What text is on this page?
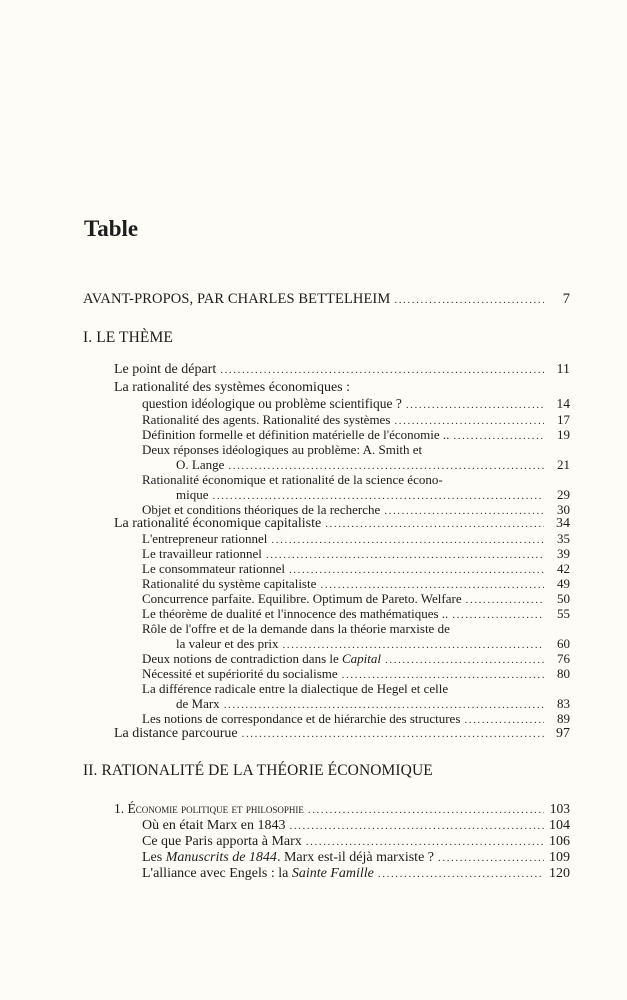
Table
AVANT-PROPOS, PAR CHARLES BETTELHEIM .....	7
I. LE THÈME
Le point de départ .....	11
La rationalité des systèmes économiques :
question idéologique ou problème scientifique ? .....	14
Rationalité des agents. Rationalité des systèmes .....	17
Définition formelle et définition matérielle de l'économie .. .....	19
Deux réponses idéologiques au problème: A. Smith et
O. Lange .....	21
Rationalité économique et rationalité de la science écono-
mique .....	29
Objet et conditions théoriques de la recherche .....	30
La rationalité économique capitaliste .....	34
L'entrepreneur rationnel .....	35
Le travailleur rationnel .....	39
Le consommateur rationnel .....	42
Rationalité du système capitaliste .....	49
Concurrence parfaite. Equilibre. Optimum de Pareto. Welfare .....	50
Le théorème de dualité et l'innocence des mathématiques .. .....	55
Rôle de l'offre et de la demande dans la théorie marxiste de
la valeur et des prix .....	60
Deux notions de contradiction dans le Capital .....	76
Nécessité et supériorité du socialisme .....	80
La différence radicale entre la dialectique de Hegel et celle
de Marx .....	83
Les notions de correspondance et de hiérarchie des structures .....	89
La distance parcourue .....	97
II. RATIONALITÉ DE LA THÉORIE ÉCONOMIQUE
1. Économie politique et philosophie .....	103
Où en était Marx en 1843 .....	104
Ce que Paris apporta à Marx .....	106
Les Manuscrits de 1844. Marx est-il déjà marxiste ? .....	109
L'alliance avec Engels : la Sainte Famille .....	120
